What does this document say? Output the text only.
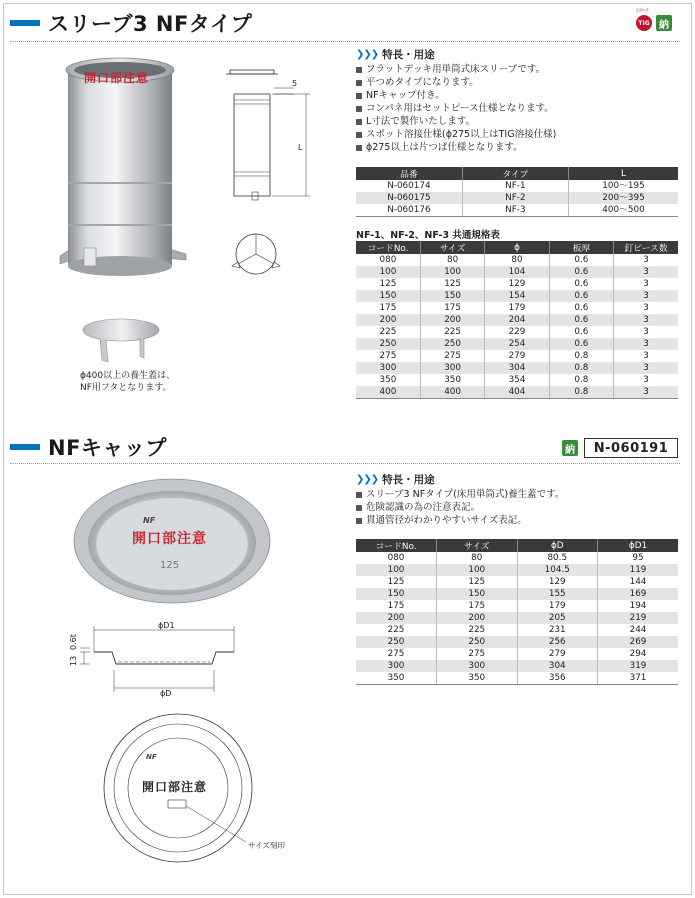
スリーブ3 NFタイプ
ｴｺﾏｰｸ
TIG 納
開口部注意	5
L
ϕ400以上の養生蓋は、
NF用フタとなります。
❯❯❯ 特長・用途
フラットデッキ用単筒式床スリーブです。
平つめタイプになります。
NFキャップ付き。
コンパネ用はセットピース仕様となります。
L寸法で製作いたします。
スポット溶接仕様(ϕ275以上はTIG溶接仕様)
ϕ275以上は片つば仕様となります。
品番	タイプ	L
N-060174	NF-1	100〜195
N-060175	NF-2	200〜395
N-060176	NF-3	400〜500
NF-1、NF-2、NF-3 共通規格表
コードNo.	サイズ	ϕ	板厚	釘ピース数
080	80	80	0.6	3
100	100	104	0.6	3
125	125	129	0.6	3
150	150	154	0.6	3
175	175	179	0.6	3
200	200	204	0.6	3
225	225	229	0.6	3
250	250	254	0.6	3
275	275	279	0.8	3
300	300	304	0.8	3
350	350	354	0.8	3
400	400	404	0.8	3
NFキャップ	納	N-060191
開口部注意
125
NF
ϕD1
ϕD
0.6t
13
開口部注意
NF
サイズ刻印
❯❯❯ 特長・用途
スリーブ3 NFタイプ(床用単筒式)養生蓋です。
危険認識の為の注意表記。
貫通管径がわかりやすいサイズ表記。
コードNo.	サイズ	ϕD	ϕD1
080	80	80.5	95
100	100	104.5	119
125	125	129	144
150	150	155	169
175	175	179	194
200	200	205	219
225	225	231	244
250	250	256	269
275	275	279	294
300	300	304	319
350	350	356	371
